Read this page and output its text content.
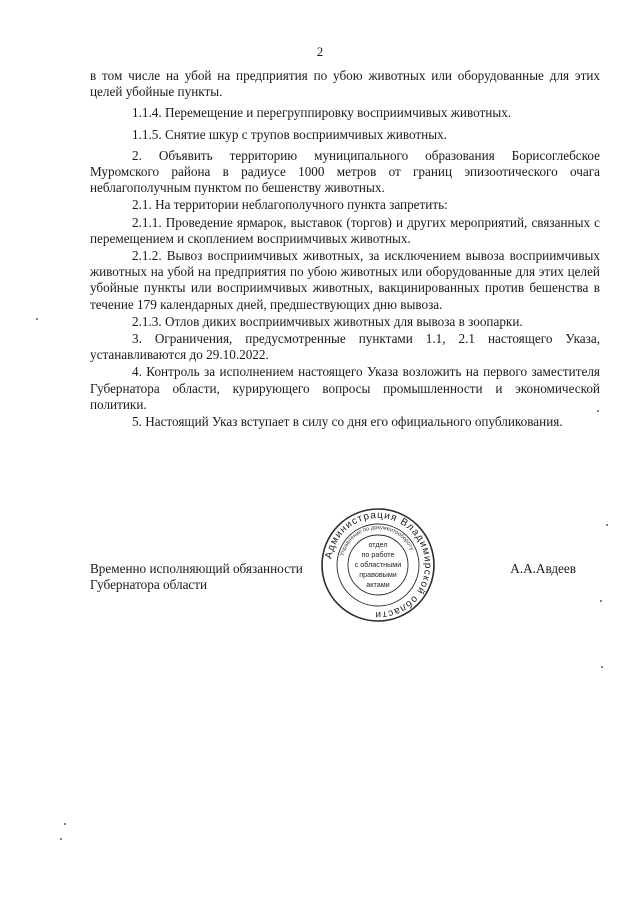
2

в том числе на убой на предприятия по убою животных или оборудованные для этих целей убойные пункты.

1.1.4. Перемещение и перегруппировку восприимчивых животных.

1.1.5. Снятие шкур с трупов восприимчивых животных.

2. Объявить территорию муниципального образования Борисоглебское Муромского района в радиусе 1000 метров от границ эпизоотического очага неблагополучным пунктом по бешенству животных.

2.1. На территории неблагополучного пункта запретить:

2.1.1. Проведение ярмарок, выставок (торгов) и других мероприятий, связанных с перемещением и скоплением восприимчивых животных.

2.1.2. Вывоз восприимчивых животных, за исключением вывоза восприимчивых животных на убой на предприятия по убою животных или оборудованные для этих целей убойные пункты или восприимчивых животных, вакцинированных против бешенства в течение 179 календарных дней, предшествующих дню вывоза.

2.1.3. Отлов диких восприимчивых животных для вывоза в зоопарки.

3. Ограничения, предусмотренные пунктами 1.1, 2.1 настоящего Указа, устанавливаются до 29.10.2022.

4. Контроль за исполнением настоящего Указа возложить на первого заместителя Губернатора области, курирующего вопросы промышленности и экономической политики.

5. Настоящий Указ вступает в силу со дня его официального опубликования.

Временно исполняющий обязанности

Губернатора области

А.А.Авдеев
Администрация Владимирской области
Управление по документообороту
отдел
по работе
с областными
правовыми
актами
